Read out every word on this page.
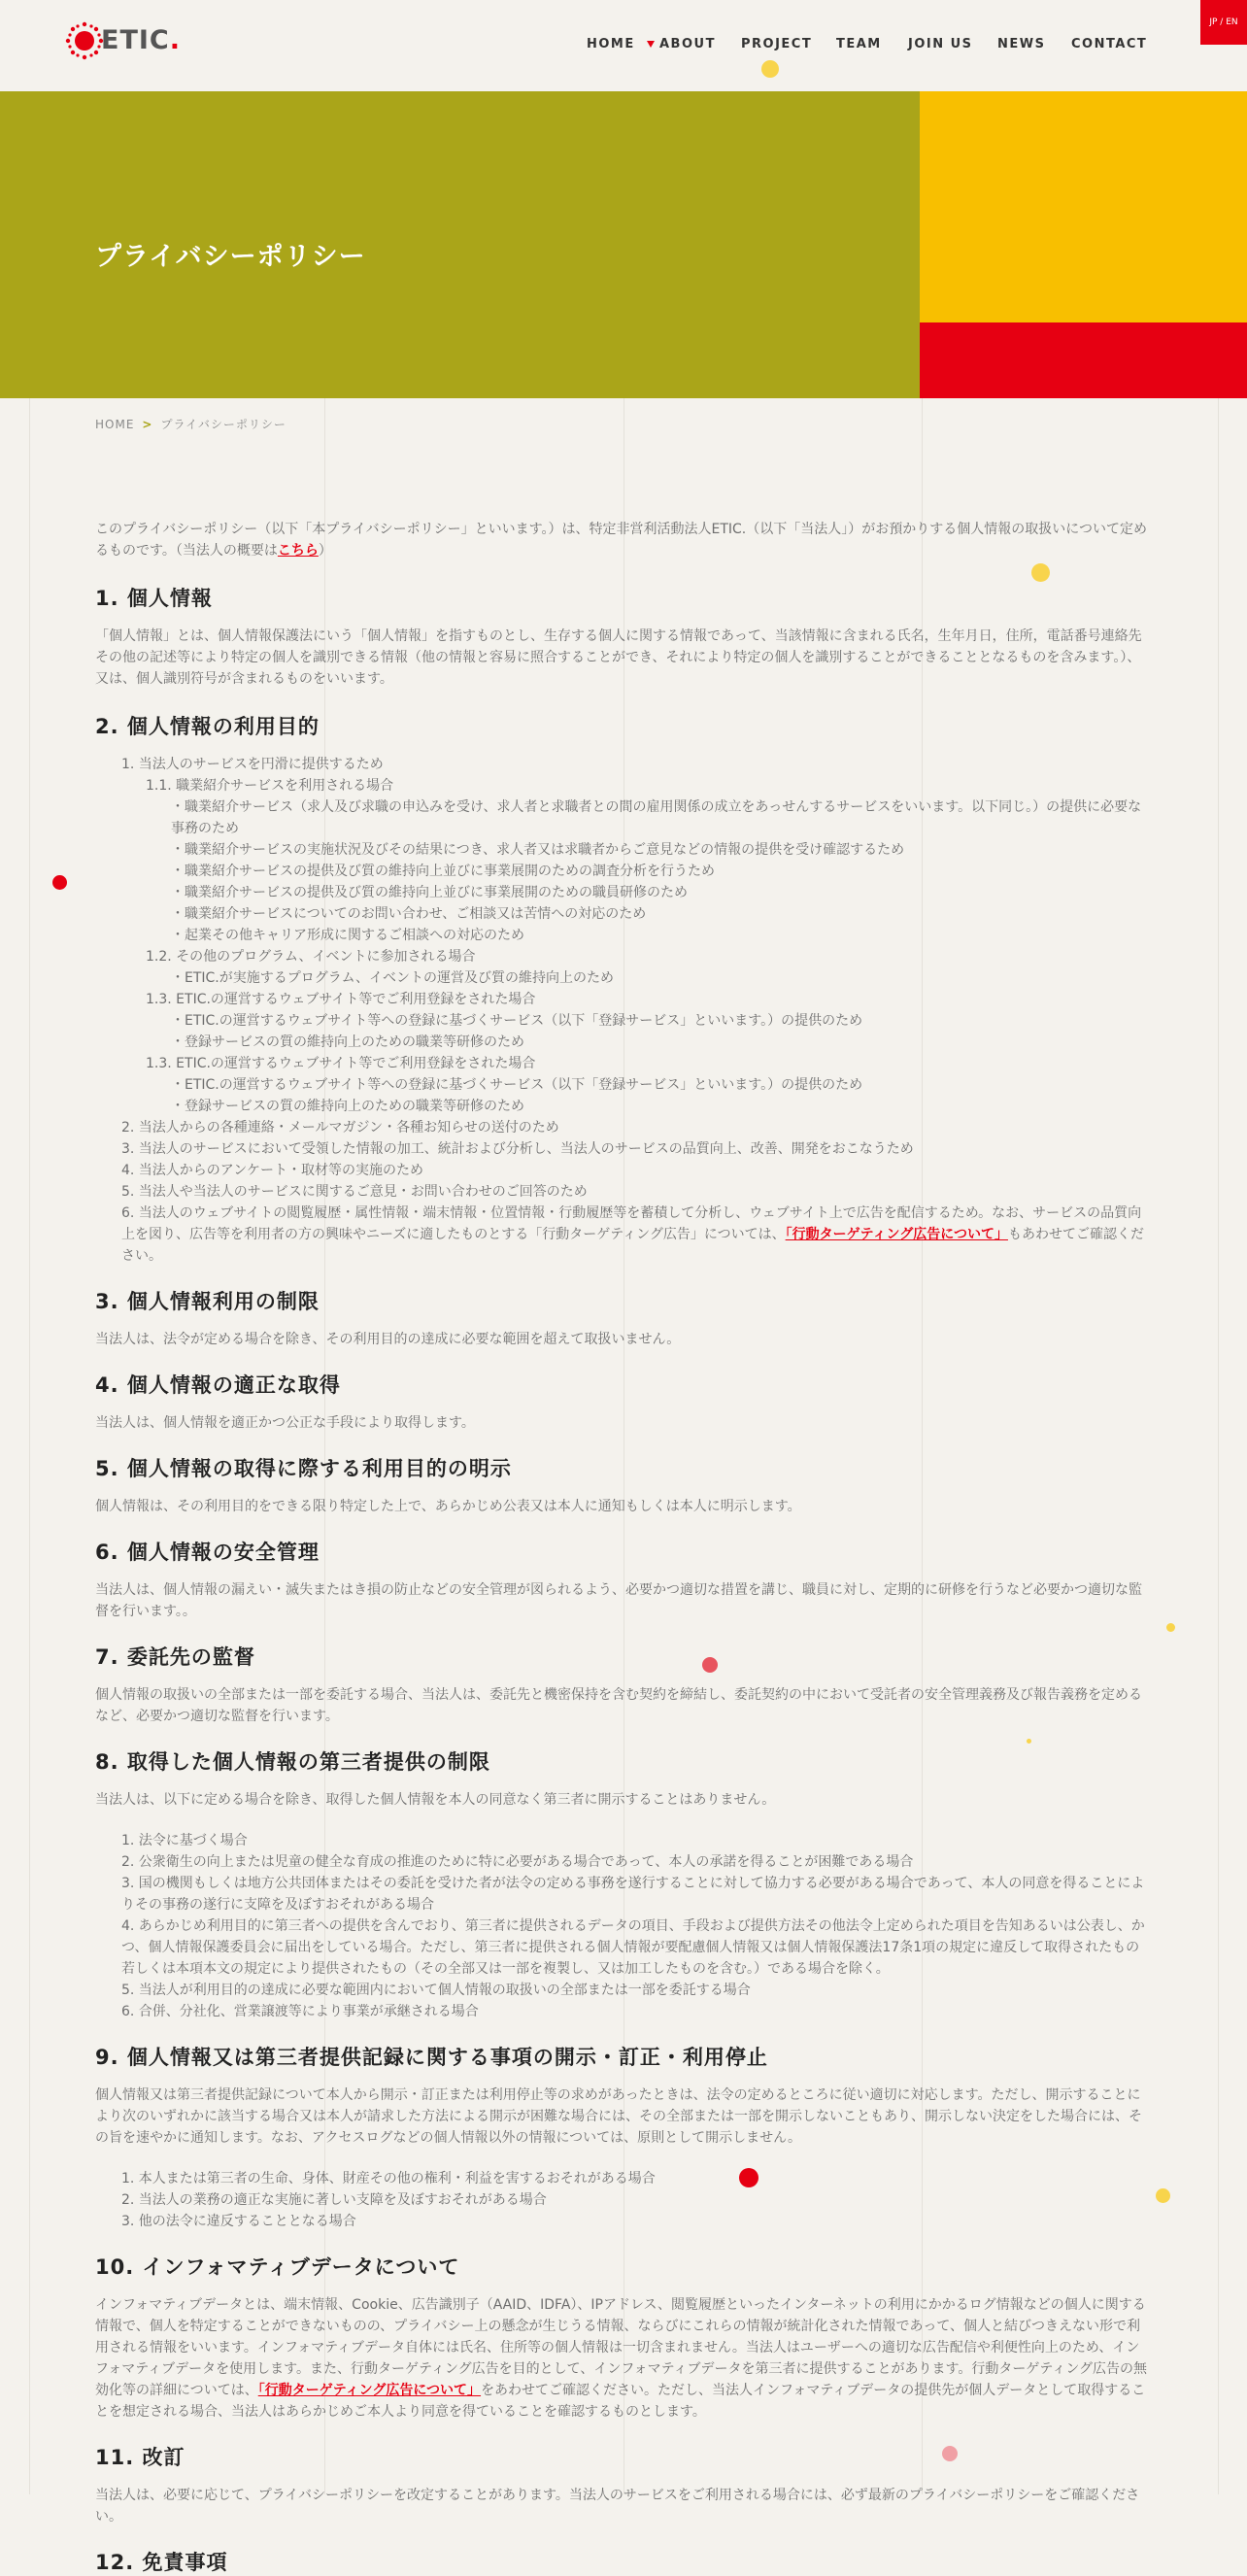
ETIC.	HOME ABOUT PROJECT TEAM JOIN US NEWS CONTACT
JP / EN
プライバシーポリシー
HOME > プライバシーポリシー

このプライバシーポリシー（以下「本プライバシーポリシー」といいます。）は、特定非営利活動法人ETIC.（以下「当法人」）がお預かりする個人情報の取扱いについて定めるものです。（当法人の概要はこちら）

1. 個人情報

「個人情報」とは、個人情報保護法にいう「個人情報」を指すものとし、生存する個人に関する情報であって、当該情報に含まれる氏名，生年月日，住所，電話番号連絡先その他の記述等により特定の個人を識別できる情報（他の情報と容易に照合することができ、それにより特定の個人を識別することができることとなるものを含みます。）、又は、個人識別符号が含まれるものをいいます。

2. 個人情報の利用目的
1. 当法人のサービスを円滑に提供するため
1.1. 職業紹介サービスを利用される場合
・職業紹介サービス（求人及び求職の申込みを受け、求人者と求職者との間の雇用関係の成立をあっせんするサービスをいいます。以下同じ。）の提供に必要な事務のため
・職業紹介サービスの実施状況及びその結果につき、求人者又は求職者からご意見などの情報の提供を受け確認するため
・職業紹介サービスの提供及び質の維持向上並びに事業展開のための調査分析を行うため
・職業紹介サービスの提供及び質の維持向上並びに事業展開のための職員研修のため
・職業紹介サービスについてのお問い合わせ、ご相談又は苦情への対応のため
・起業その他キャリア形成に関するご相談への対応のため
1.2. その他のプログラム、イベントに参加される場合
・ETIC.が実施するプログラム、イベントの運営及び質の維持向上のため
1.3. ETIC.の運営するウェブサイト等でご利用登録をされた場合
・ETIC.の運営するウェブサイト等への登録に基づくサービス（以下「登録サービス」といいます。）の提供のため
・登録サービスの質の維持向上のための職業等研修のため
1.3. ETIC.の運営するウェブサイト等でご利用登録をされた場合
・ETIC.の運営するウェブサイト等への登録に基づくサービス（以下「登録サービス」といいます。）の提供のため
・登録サービスの質の維持向上のための職業等研修のため
2. 当法人からの各種連絡・メールマガジン・各種お知らせの送付のため
3. 当法人のサービスにおいて受領した情報の加工、統計および分析し、当法人のサービスの品質向上、改善、開発をおこなうため
4. 当法人からのアンケート・取材等の実施のため
5. 当法人や当法人のサービスに関するご意見・お問い合わせのご回答のため
6. 当法人のウェブサイトの閲覧履歴・属性情報・端末情報・位置情報・行動履歴等を蓄積して分析し、ウェブサイト上で広告を配信するため。なお、サービスの品質向上を図り、広告等を利用者の方の興味やニーズに適したものとする「行動ターゲティング広告」については、「行動ターゲティング広告について」もあわせてご確認ください。
3. 個人情報利用の制限

当法人は、法令が定める場合を除き、その利用目的の達成に必要な範囲を超えて取扱いません。

4. 個人情報の適正な取得

当法人は、個人情報を適正かつ公正な手段により取得します。

5. 個人情報の取得に際する利用目的の明示

個人情報は、その利用目的をできる限り特定した上で、あらかじめ公表又は本人に通知もしくは本人に明示します。

6. 個人情報の安全管理

当法人は、個人情報の漏えい・滅失またはき損の防止などの安全管理が図られるよう、必要かつ適切な措置を講じ、職員に対し、定期的に研修を行うなど必要かつ適切な監督を行います。。

7. 委託先の監督

個人情報の取扱いの全部または一部を委託する場合、当法人は、委託先と機密保持を含む契約を締結し、委託契約の中において受託者の安全管理義務及び報告義務を定めるなど、必要かつ適切な監督を行います。

8. 取得した個人情報の第三者提供の制限

当法人は、以下に定める場合を除き、取得した個人情報を本人の同意なく第三者に開示することはありません。

1. 法令に基づく場合
2. 公衆衛生の向上または児童の健全な育成の推進のために特に必要がある場合であって、本人の承諾を得ることが困難である場合
3. 国の機関もしくは地方公共団体またはその委託を受けた者が法令の定める事務を遂行することに対して協力する必要がある場合であって、本人の同意を得ることによりその事務の遂行に支障を及ぼすおそれがある場合
4. あらかじめ利用目的に第三者への提供を含んでおり、第三者に提供されるデータの項目、手段および提供方法その他法令上定められた項目を告知あるいは公表し、かつ、個人情報保護委員会に届出をしている場合。ただし、第三者に提供される個人情報が要配慮個人情報又は個人情報保護法17条1項の規定に違反して取得されたもの若しくは本項本文の規定により提供されたもの（その全部又は一部を複製し、又は加工したものを含む。）である場合を除く。
5. 当法人が利用目的の達成に必要な範囲内において個人情報の取扱いの全部または一部を委託する場合
6. 合併、分社化、営業譲渡等により事業が承継される場合
9. 個人情報又は第三者提供記録に関する事項の開示・訂正・利用停止

個人情報又は第三者提供記録について本人から開示・訂正または利用停止等の求めがあったときは、法令の定めるところに従い適切に対応します。ただし、開示することにより次のいずれかに該当する場合又は本人が請求した方法による開示が困難な場合には、その全部または一部を開示しないこともあり、開示しない決定をした場合には、その旨を速やかに通知します。なお、アクセスログなどの個人情報以外の情報については、原則として開示しません。

1. 本人または第三者の生命、身体、財産その他の権利・利益を害するおそれがある場合
2. 当法人の業務の適正な実施に著しい支障を及ぼすおそれがある場合
3. 他の法令に違反することとなる場合
10. インフォマティブデータについて

インフォマティブデータとは、端末情報、Cookie、広告識別子（AAID、IDFA）、IPアドレス、閲覧履歴といったインターネットの利用にかかるログ情報などの個人に関する情報で、個人を特定することができないものの、プライバシー上の懸念が生じうる情報、ならびにこれらの情報が統計化された情報であって、個人と結びつきえない形で利用される情報をいいます。インフォマティブデータ自体には氏名、住所等の個人情報は一切含まれません。当法人はユーザーへの適切な広告配信や利便性向上のため、インフォマティブデータを使用します。また、行動ターゲティング広告を目的として、インフォマティブデータを第三者に提供することがあります。行動ターゲティング広告の無効化等の詳細については、「行動ターゲティング広告について」をあわせてご確認ください。ただし、当法人インフォマティブデータの提供先が個人データとして取得することを想定される場合、当法人はあらかじめご本人より同意を得ていることを確認するものとします。

11. 改訂

当法人は、必要に応じて、プライバシーポリシーを改定することがあります。当法人のサービスをご利用される場合には、必ず最新のプライバシーポリシーをご確認ください。

12. 免責事項
